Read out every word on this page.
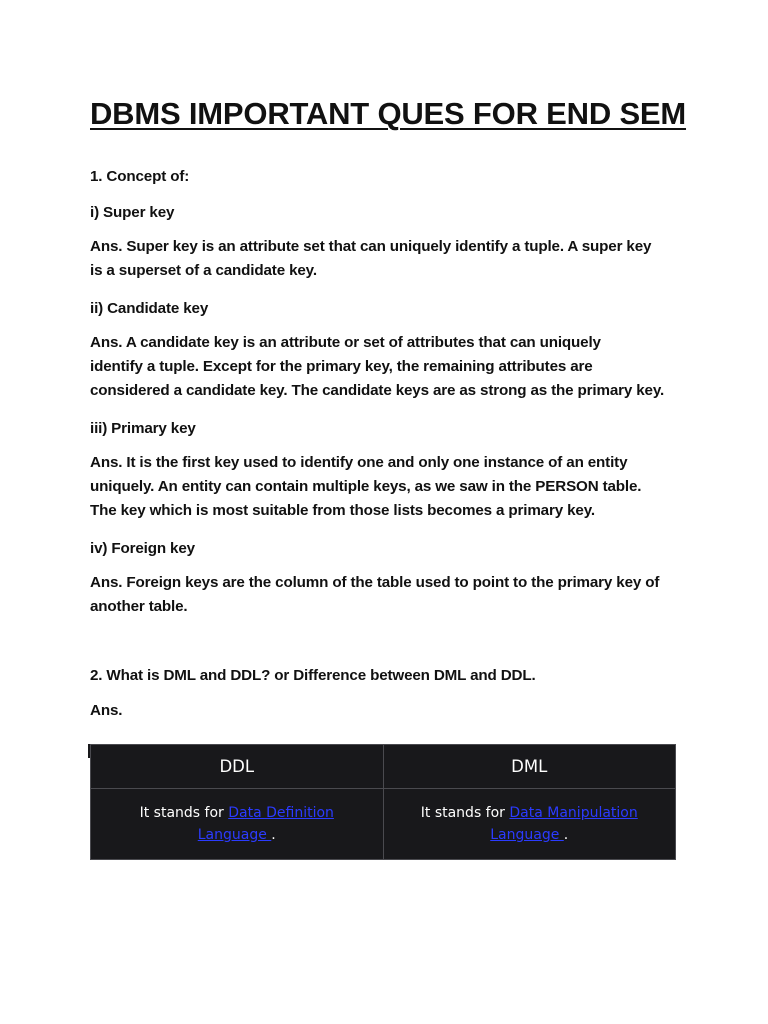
DBMS IMPORTANT QUES FOR END SEM
1. Concept of:
i) Super key
Ans. Super key is an attribute set that can uniquely identify a tuple. A super key
is a superset of a candidate key.
ii) Candidate key
Ans. A candidate key is an attribute or set of attributes that can uniquely
identify a tuple. Except for the primary key, the remaining attributes are
considered a candidate key. The candidate keys are as strong as the primary key.
iii) Primary key
Ans. It is the first key used to identify one and only one instance of an entity
uniquely. An entity can contain multiple keys, as we saw in the PERSON table.
The key which is most suitable from those lists becomes a primary key.
iv) Foreign key
Ans. Foreign keys are the column of the table used to point to the primary key of
another table.
2. What is DML and DDL? or Difference between DML and DDL.
Ans.
DDL	DML
It stands for Data Definition Language .	It stands for Data Manipulation Language .
